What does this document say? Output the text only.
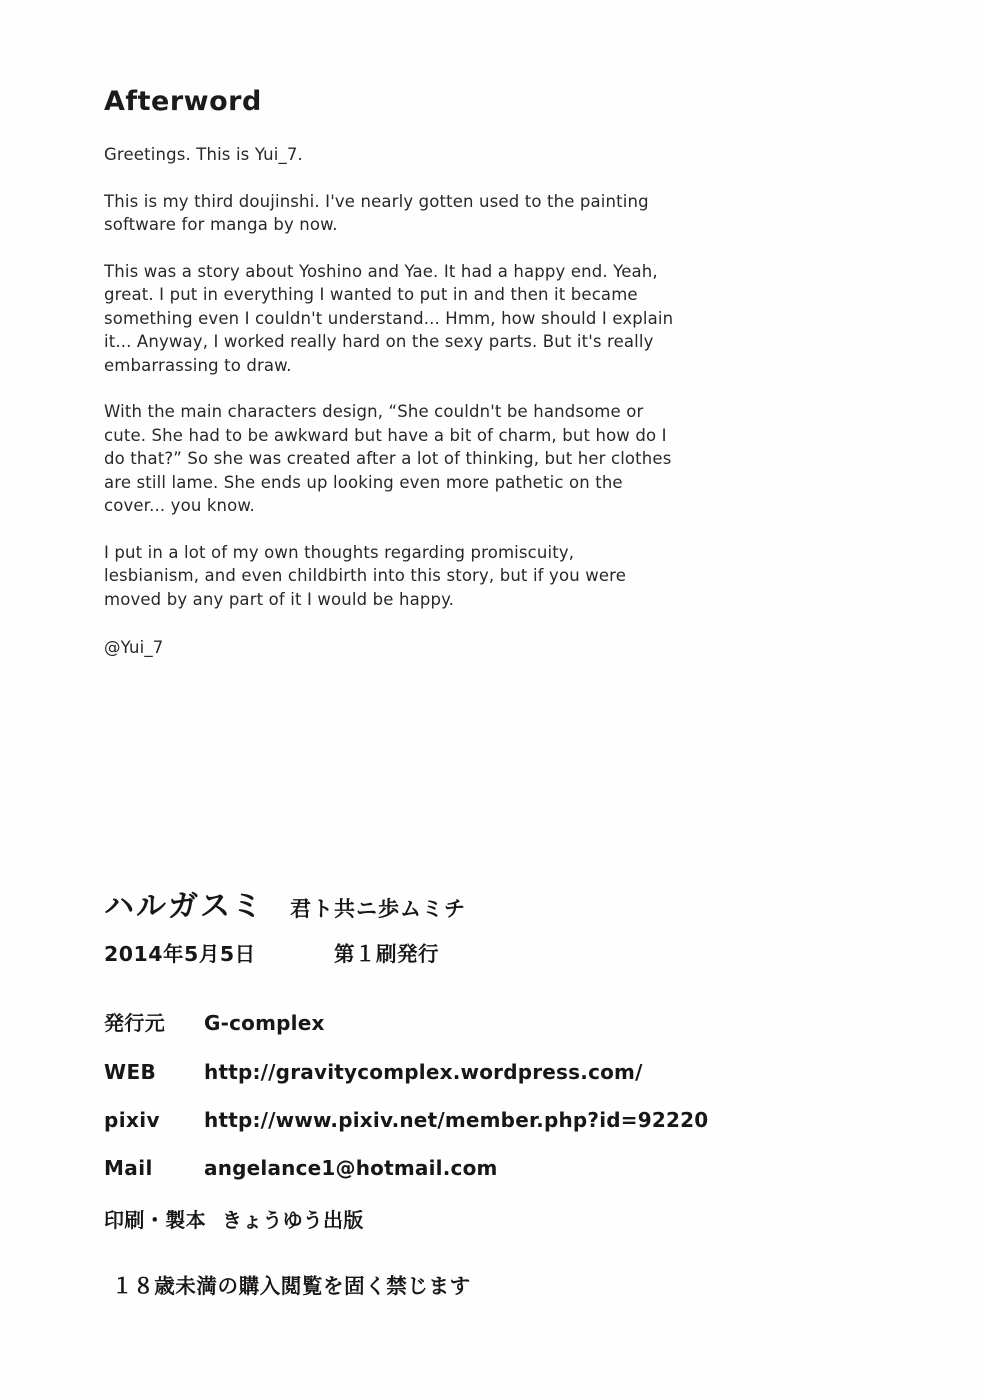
Afterword

Greetings. This is Yui_7.

This is my third doujinshi. I've nearly gotten used to the painting software for manga by now.

This was a story about Yoshino and Yae. It had a happy end. Yeah, great. I put in everything I wanted to put in and then it became something even I couldn't understand... Hmm, how should I explain it... Anyway, I worked really hard on the sexy parts. But it's really embarrassing to draw.

With the main characters design, “She couldn't be handsome or cute. She had to be awkward but have a bit of charm, but how do I do that?” So she was created after a lot of thinking, but her clothes are still lame. She ends up looking even more pathetic on the cover... you know.

I put in a lot of my own thoughts regarding promiscuity, lesbianism, and even childbirth into this story, but if you were moved by any part of it I would be happy.

@Yui_7

ハルガスミ 君ト共ニ歩ムミチ
2014年5月5日	第１刷発行
発行元	G-complex
WEB	http://gravitycomplex.wordpress.com/
pixiv	http://www.pixiv.net/member.php?id=92220
Mail	angelance1@hotmail.com
印刷・製本 きょうゆう出版
１８歳未満の購入閲覧を固く禁じます
